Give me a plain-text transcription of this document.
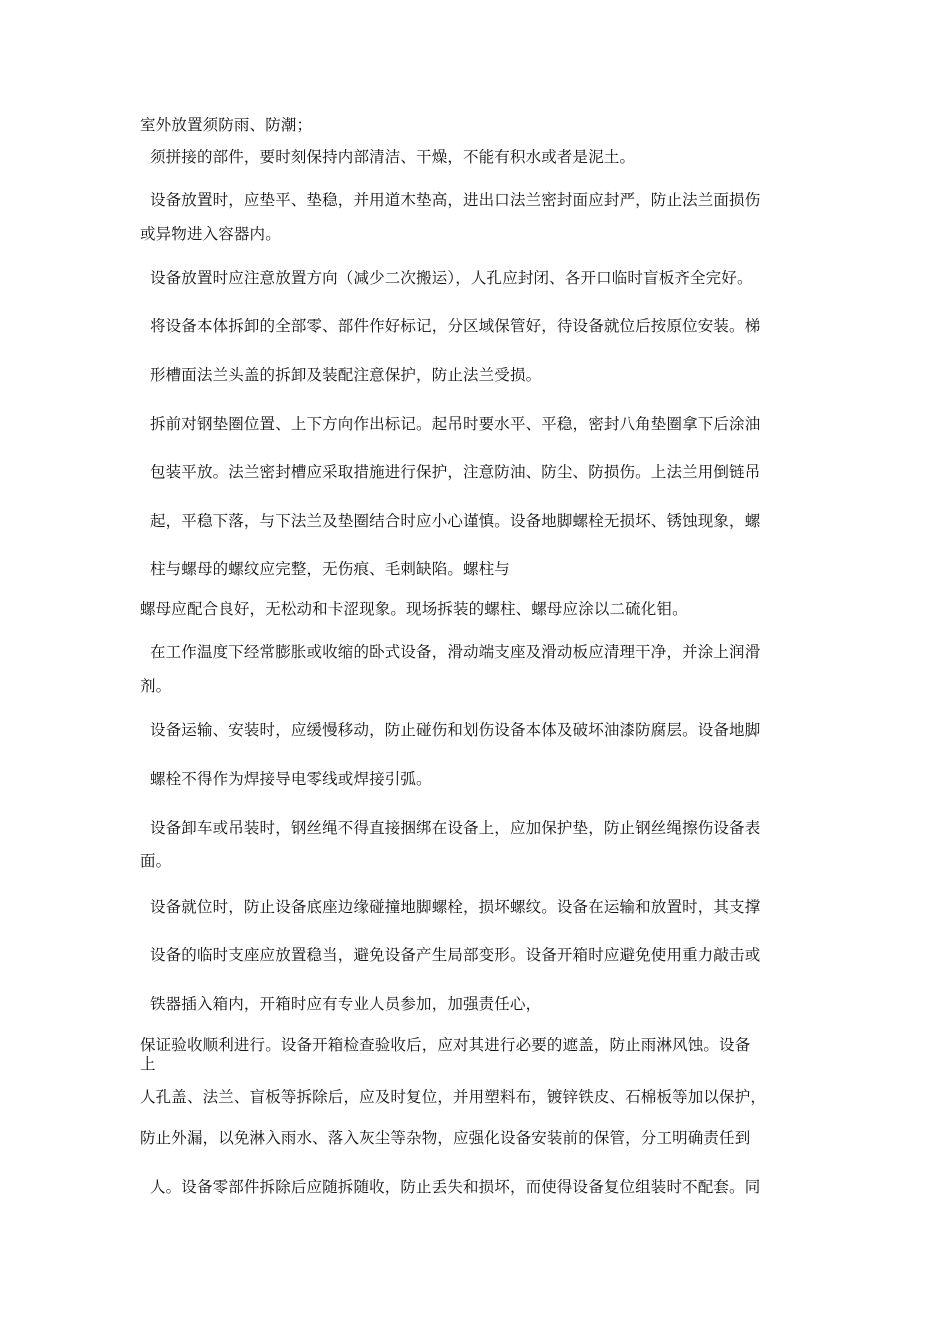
室外放置须防雨、防潮；
须拼接的部件，要时刻保持内部清洁、干燥，不能有积水或者是泥土。
设备放置时，应垫平、垫稳，并用道木垫高，进出口法兰密封面应封严，防止法兰面损伤
或异物进入容器内。
设备放置时应注意放置方向（减少二次搬运），人孔应封闭、各开口临时盲板齐全完好。
将设备本体拆卸的全部零、部件作好标记，分区域保管好，待设备就位后按原位安装。梯
形槽面法兰头盖的拆卸及装配注意保护，防止法兰受损。
拆前对钢垫圈位置、上下方向作出标记。起吊时要水平、平稳，密封八角垫圈拿下后涂油
包装平放。法兰密封槽应采取措施进行保护，注意防油、防尘、防损伤。上法兰用倒链吊
起，平稳下落，与下法兰及垫圈结合时应小心谨慎。设备地脚螺栓无损坏、锈蚀现象，螺
柱与螺母的螺纹应完整，无伤痕、毛刺缺陷。螺柱与
螺母应配合良好，无松动和卡涩现象。现场拆装的螺柱、螺母应涂以二硫化钼。
在工作温度下经常膨胀或收缩的卧式设备，滑动端支座及滑动板应清理干净，并涂上润滑
剂。
设备运输、安装时，应缓慢移动，防止碰伤和划伤设备本体及破坏油漆防腐层。设备地脚
螺栓不得作为焊接导电零线或焊接引弧。
设备卸车或吊装时，钢丝绳不得直接捆绑在设备上，应加保护垫，防止钢丝绳擦伤设备表
面。
设备就位时，防止设备底座边缘碰撞地脚螺栓，损坏螺纹。设备在运输和放置时，其支撑
设备的临时支座应放置稳当，避免设备产生局部变形。设备开箱时应避免使用重力敲击或
铁器插入箱内，开箱时应有专业人员参加，加强责任心，
保证验收顺利进行。设备开箱检查验收后，应对其进行必要的遮盖，防止雨淋风蚀。设备
上
人孔盖、法兰、盲板等拆除后，应及时复位，并用塑料布，镀锌铁皮、石棉板等加以保护，
防止外漏，以免淋入雨水、落入灰尘等杂物，应强化设备安装前的保管，分工明确责任到
人。设备零部件拆除后应随拆随收，防止丢失和损坏，而使得设备复位组装时不配套。同
